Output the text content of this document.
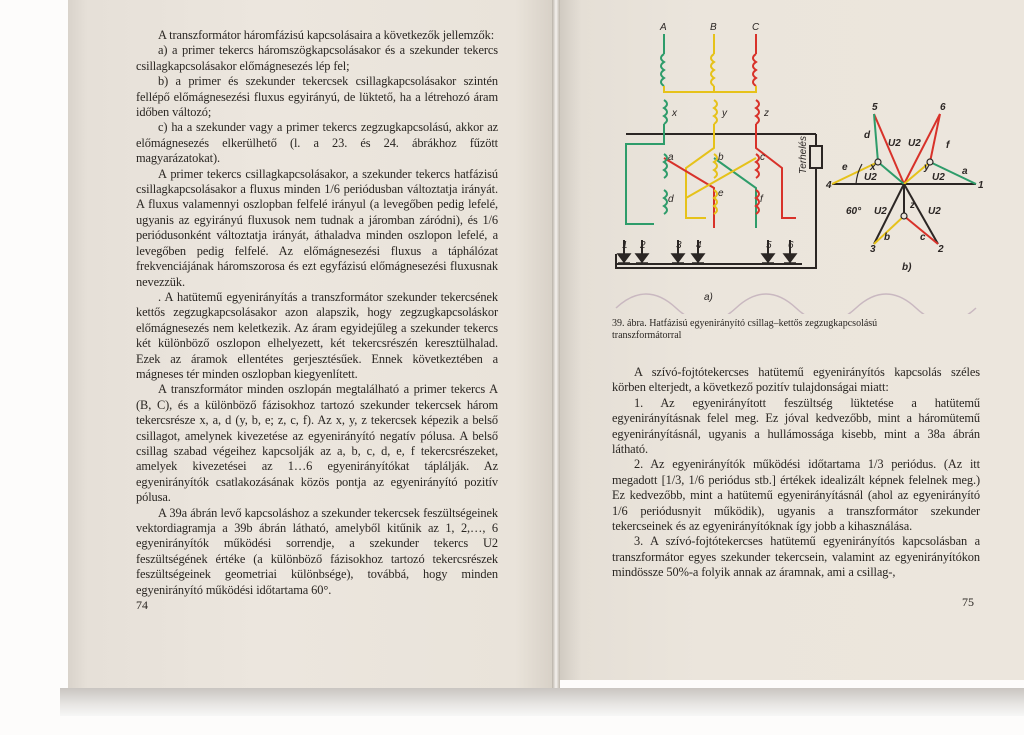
A transzformátor háromfázisú kapcsolásaira a következők jellemzők:

a) a primer tekercs háromszögkapcsolásakor és a szekunder tekercs csillagkapcsolásakor előmágnesezés lép fel;

b) a primer és szekunder tekercsek csillagkapcsolásakor szintén fellépő előmágnesezési fluxus egyirányú, de lüktető, ha a létrehozó áram időben változó;

c) ha a szekunder vagy a primer tekercs zegzugkapcsolású, akkor az előmágnesezés elkerülhető (l. a 23. és 24. ábrákhoz fűzött magyarázatokat).

A primer tekercs csillagkapcsolásakor, a szekunder tekercs hatfázisú csillagkapcsolásakor a fluxus minden 1/6 periódusban változtatja irányát. A fluxus valamennyi oszlopban felfelé irányul (a levegőben pedig lefelé, ugyanis az egyirányú fluxusok nem tudnak a járomban záródni), és 1/6 periódusonként változtatja irányát, áthaladva minden oszlopon lefelé, a levegőben pedig felfelé. Az előmágnesezési fluxus a táphálózat frekvenciájának háromszorosa és ezt egyfázisú előmágnesezési fluxusnak nevezzük.

. A hatütemű egyenirányítás a transzformátor szekunder tekercsének kettős zegzugkapcsolásakor azon alapszik, hogy zegzugkapcsoláskor előmágnesezés nem keletkezik. Az áram egyidejűleg a szekunder tekercs két különböző oszlopon elhelyezett, két tekercsrészén keresztülhalad. Ezek az áramok ellentétes gerjesztésűek. Ennek következtében a mágneses tér minden oszlopban kiegyenlített.

A transzformátor minden oszlopán megtalálható a primer tekercs A (B, C), és a különböző fázisokhoz tartozó szekunder tekercsek három tekercsrésze x, a, d (y, b, e; z, c, f). Az x, y, z tekercsek képezik a belső csillagot, amelynek kivezetése az egyenirányító negatív pólusa. A belső csillag szabad végeihez kapcsolják az a, b, c, d, e, f tekercsrészeket, amelyek kivezetései az 1…6 egyenirányítókat táplálják. Az egyenirányítók csatlakozásának közös pontja az egyenirányító pozitív pólusa.

A 39a ábrán levő kapcsoláshoz a szekunder tekercsek feszültségeinek vektordiagramja a 39b ábrán látható, amelyből kitűnik az 1, 2,…, 6 egyenirányítók működési sorrendje, a szekunder tekercs U2 feszültségének értéke (a különböző fázisokhoz tartozó tekercsrészek feszültségeinek geometriai különbsége), továbbá, hogy minden egyenirányító működési időtartama 60°.

74
A	B	C
x	y	z
a	b	c
d
e
f
1 2	3 4	5 6
Terhelés
a)
5	6
4	1
3	2
U2 U2
U2	U2
U2	U2
60°
x	y
z
a
b	c
d
e
f
b)
39. ábra. Hatfázisú egyenirányító csillag–kettős zegzugkapcsolású transzformátorral

A szívó-fojtótekercses hatütemű egyenirányítós kapcsolás széles körben elterjedt, a következő pozitív tulajdonságai miatt:

1. Az egyenirányított feszültség lüktetése a hatütemű egyenirányításnak felel meg. Ez jóval kedvezőbb, mint a háromütemű egyenirányításnál, ugyanis a hullámossága kisebb, mint a 38a ábrán látható.

2. Az egyenirányítók működési időtartama 1/3 periódus. (Az itt megadott [1/3, 1/6 periódus stb.] értékek idealizált képnek felelnek meg.) Ez kedvezőbb, mint a hatütemű egyenirányításnál (ahol az egyenirányító 1/6 periódusnyit működik), ugyanis a transzformátor szekunder tekercseinek és az egyenirányítóknak így jobb a kihasználása.

3. A szívó-fojtótekercses hatütemű egyenirányítós kapcsolásban a transzformátor egyes szekunder tekercsein, valamint az egyenirányítókon mindössze 50%-a folyik annak az áramnak, ami a csillag-,

75
